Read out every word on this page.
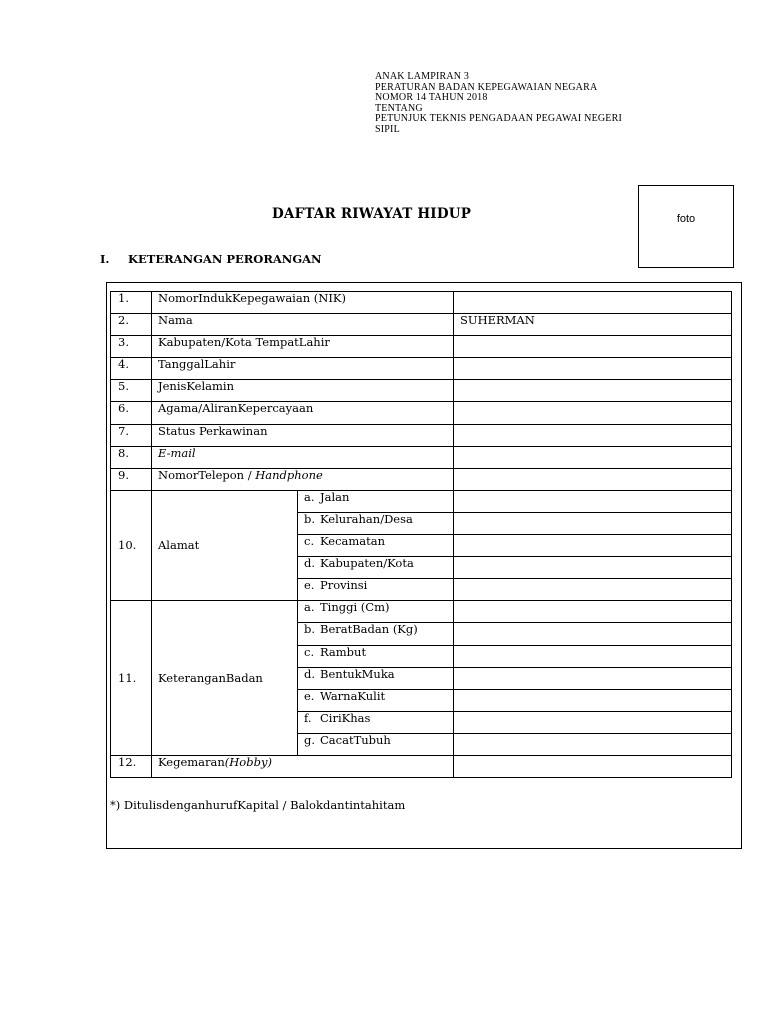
ANAK LAMPIRAN 3
PERATURAN BADAN KEPEGAWAIAN NEGARA
NOMOR 14 TAHUN 2018
TENTANG
PETUNJUK TEKNIS PENGADAAN PEGAWAI NEGERI
SIPIL
foto
DAFTAR RIWAYAT HIDUP
I. KETERANGAN PERORANGAN
1.	NomorIndukKepegawaian (NIK)		
2.	Nama		SUHERMAN
3.	Kabupaten/Kota TempatLahir		
4.	TanggalLahir		
5.	JenisKelamin		
6.	Agama/AliranKepercayaan		
7.	Status Perkawinan		
8.	E-mail		
9.	NomorTelepon / Handphone		
10.	Alamat	a. Jalan	
		b. Kelurahan/Desa	
		c. Kecamatan	
		d. Kabupaten/Kota	
		e. Provinsi	
11.	KeteranganBadan	a. Tinggi (Cm)	
		b. BeratBadan (Kg)	
		c. Rambut	
		d. BentukMuka	
		e. WarnaKulit	
		f. CiriKhas	
		g. CacatTubuh	
12.	Kegemaran(Hobby)		
*) DitulisdenganhurufKapital / Balokdantintahitam
